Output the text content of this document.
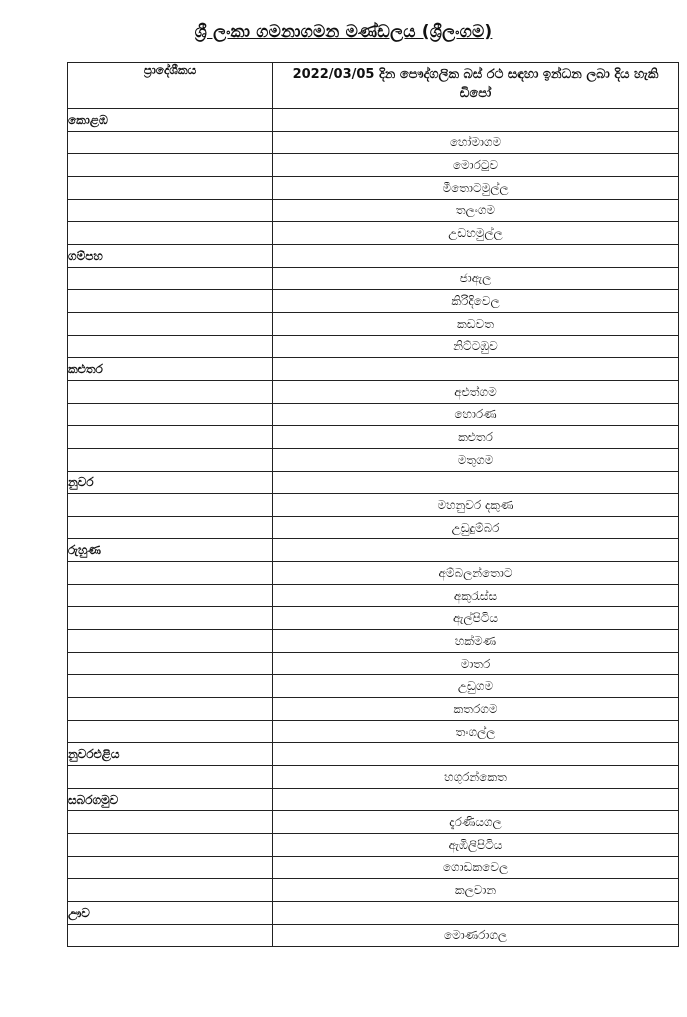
ශ්‍රී ලංකා ගමනාගමන මණ්ඩලය (ශ්‍රීලංගම)
ප්‍රාදේශීකය	2022/03/05 දින පෞද්ගලික බස් රථ සඳහා ඉන්ධන ලබා දිය හැකි ඩිපෝ
කොළඹ	
	හෝමාගම
	මොරටුව
	මීතොටමුල්ල
	තලංගම
	උඩහමුල්ල
ගම්පහ	
	ජාඇල
	කිරිදිවෙල
	කඩවත
	නිට්ටඹුව
කළුතර	
	අළුත්ගම
	හොරණ
	කළුතර
	මතුගම
නුවර	
	මහනුවර දකුණ
	උඩුදුම්බර
රුහුණ	
	අම්බලන්තොට
	අකුරැස්ස
	ඇල්පිටිය
	හක්මණ
	මාතර
	උඩුගම
	කතරගම
	තංගල්ල
නුවරඑළිය	
	හගුරන්කෙත
සබරගමුව	
	දැරණියගල
	ඇඹිලිපිටිය
	ගොඩකවෙල
	කලවාන
ඌව	
	මොණරාගල
